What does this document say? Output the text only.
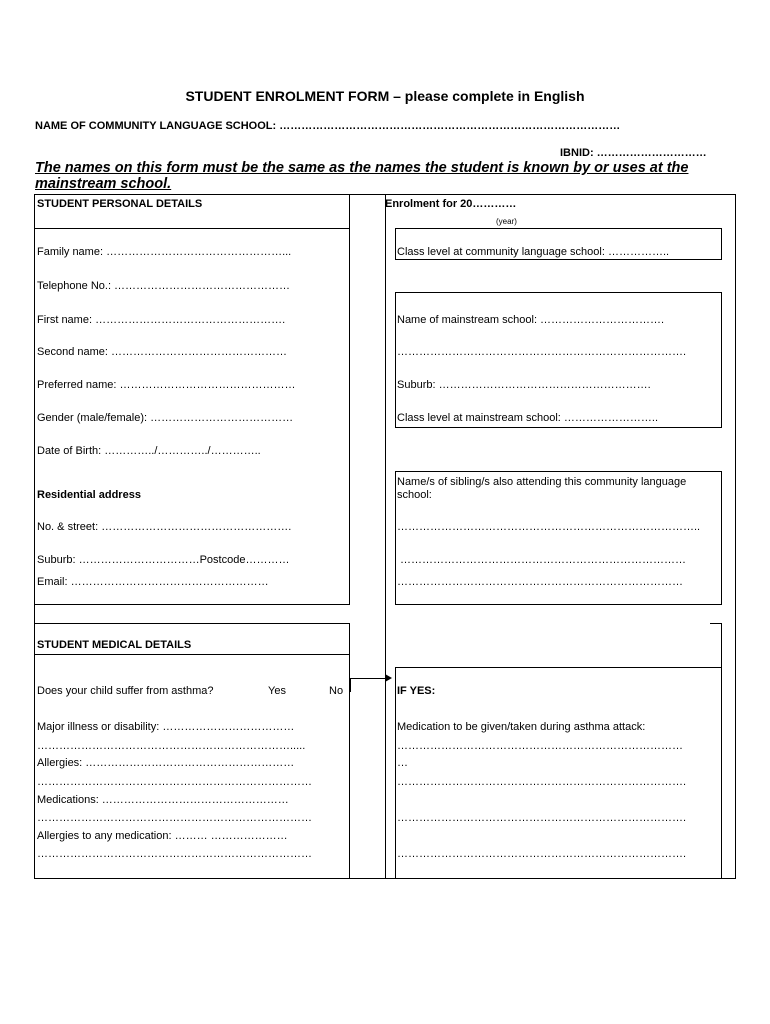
STUDENT ENROLMENT FORM – please complete in English
NAME OF COMMUNITY LANGUAGE SCHOOL: …………………………………………………………………………………
IBNID: …………………………
The names on this form must be the same as the names the student is known by or uses at the mainstream school.
STUDENT PERSONAL DETAILS
Family name: …………………………………………...
Telephone No.: …………………………………………
First name: …………………………………………….
Second name: …………………………………………
Preferred name: …………………………………………
Gender (male/female): …………………………………
Date of Birth: …………../…………../…………..
Residential address
No. & street: …………………………………………….
Suburb: ……………………………Postcode…………
Email: ………………………………………………
Enrolment for 20…………
(year)
Class level at community language school: ……………..
Name of mainstream school: …………………………….
…………………………………………………………………….
Suburb: ………………………………………………….
Class level at mainstream school: ……………………..
Name/s of sibling/s also attending this community language school:
………………………………………………………………………..
……………………………………………………………………
……………………………………………………………………
STUDENT MEDICAL DETAILS
Does your child suffer from asthma?	Yes	No
Major illness or disability: ………………………………
…………………………………………………………….....
Allergies: …………………………………………………
…………………………………………………………………
Medications: ……………………………………………
…………………………………………………………………
Allergies to any medication: ……… …………………
…………………………………………………………………
IF YES:
Medication to be given/taken during asthma attack:
……………………………………………………………………
…
…………………………………………………………………….
…………………………………………………………………….
…………………………………………………………………….
